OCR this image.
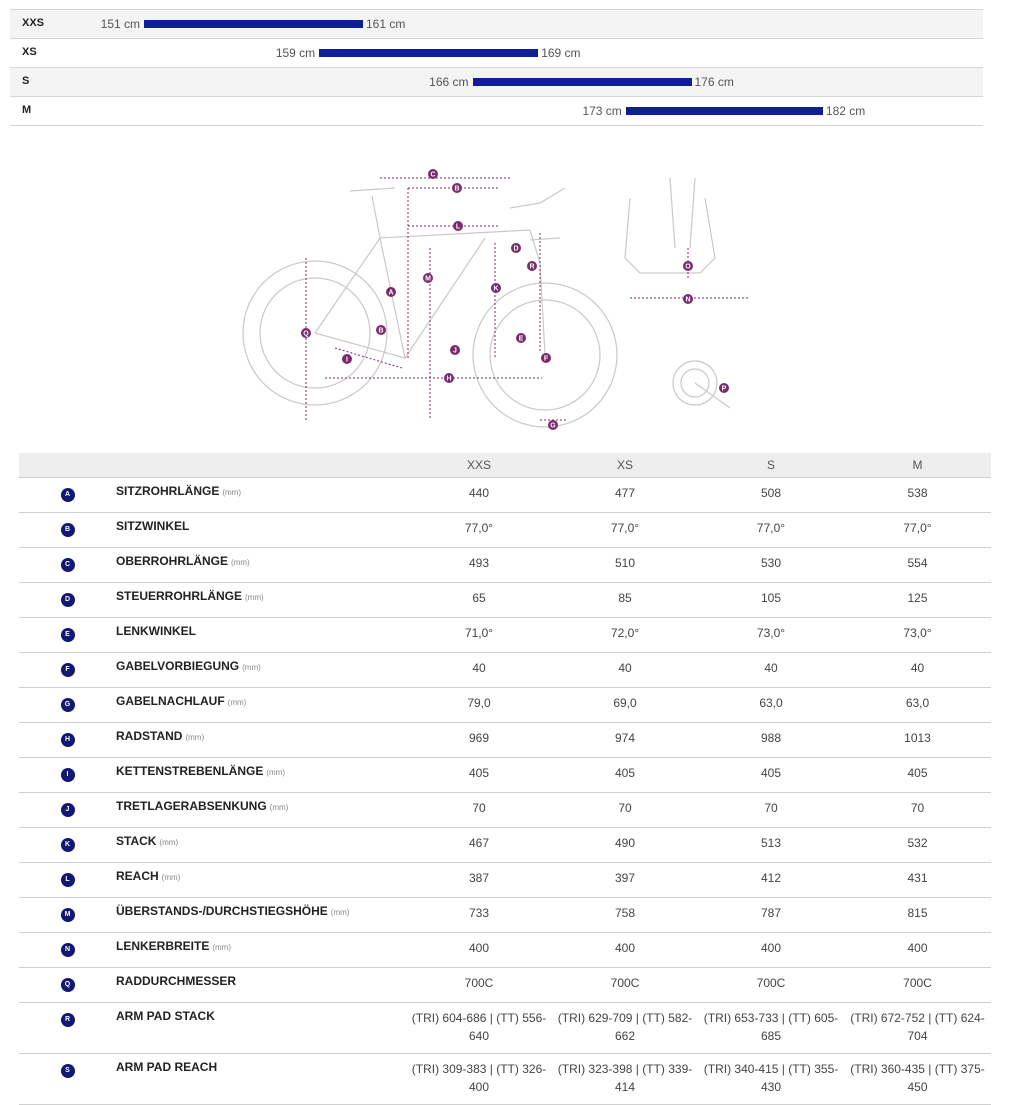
XXS	151 cm	161 cm
XS	159 cm	169 cm
S	166 cm	176 cm
M	173 cm	182 cm
C
B
L
D
R
M
K
A
B
Q
E
J
I	F
H
G
O
N
P
		XXS	XS	S	M
A	SITZROHRLÄNGE (mm)	440	477	508	538
B	SITZWINKEL	77,0°	77,0°	77,0°	77,0°
C	OBERROHRLÄNGE (mm)	493	510	530	554
D	STEUERROHRLÄNGE (mm)	65	85	105	125
E	LENKWINKEL	71,0°	72,0°	73,0°	73,0°
F	GABELVORBIEGUNG (mm)	40	40	40	40
G	GABELNACHLAUF (mm)	79,0	69,0	63,0	63,0
H	RADSTAND (mm)	969	974	988	1013
I	KETTENSTREBENLÄNGE (mm)	405	405	405	405
J	TRETLAGERABSENKUNG (mm)	70	70	70	70
K	STACK (mm)	467	490	513	532
L	REACH (mm)	387	397	412	431
M	ÜBERSTANDS-/DURCHSTIEGSHÖHE (mm)	733	758	787	815
N	LENKERBREITE (mm)	400	400	400	400
Q	RADDURCHMESSER	700C	700C	700C	700C
R	ARM PAD STACK	(TRI) 604-686 | (TT) 556-640	(TRI) 629-709 | (TT) 582-662	(TRI) 653-733 | (TT) 605-685	(TRI) 672-752 | (TT) 624-704
S	ARM PAD REACH	(TRI) 309-383 | (TT) 326-400	(TRI) 323-398 | (TT) 339-414	(TRI) 340-415 | (TT) 355-430	(TRI) 360-435 | (TT) 375-450
